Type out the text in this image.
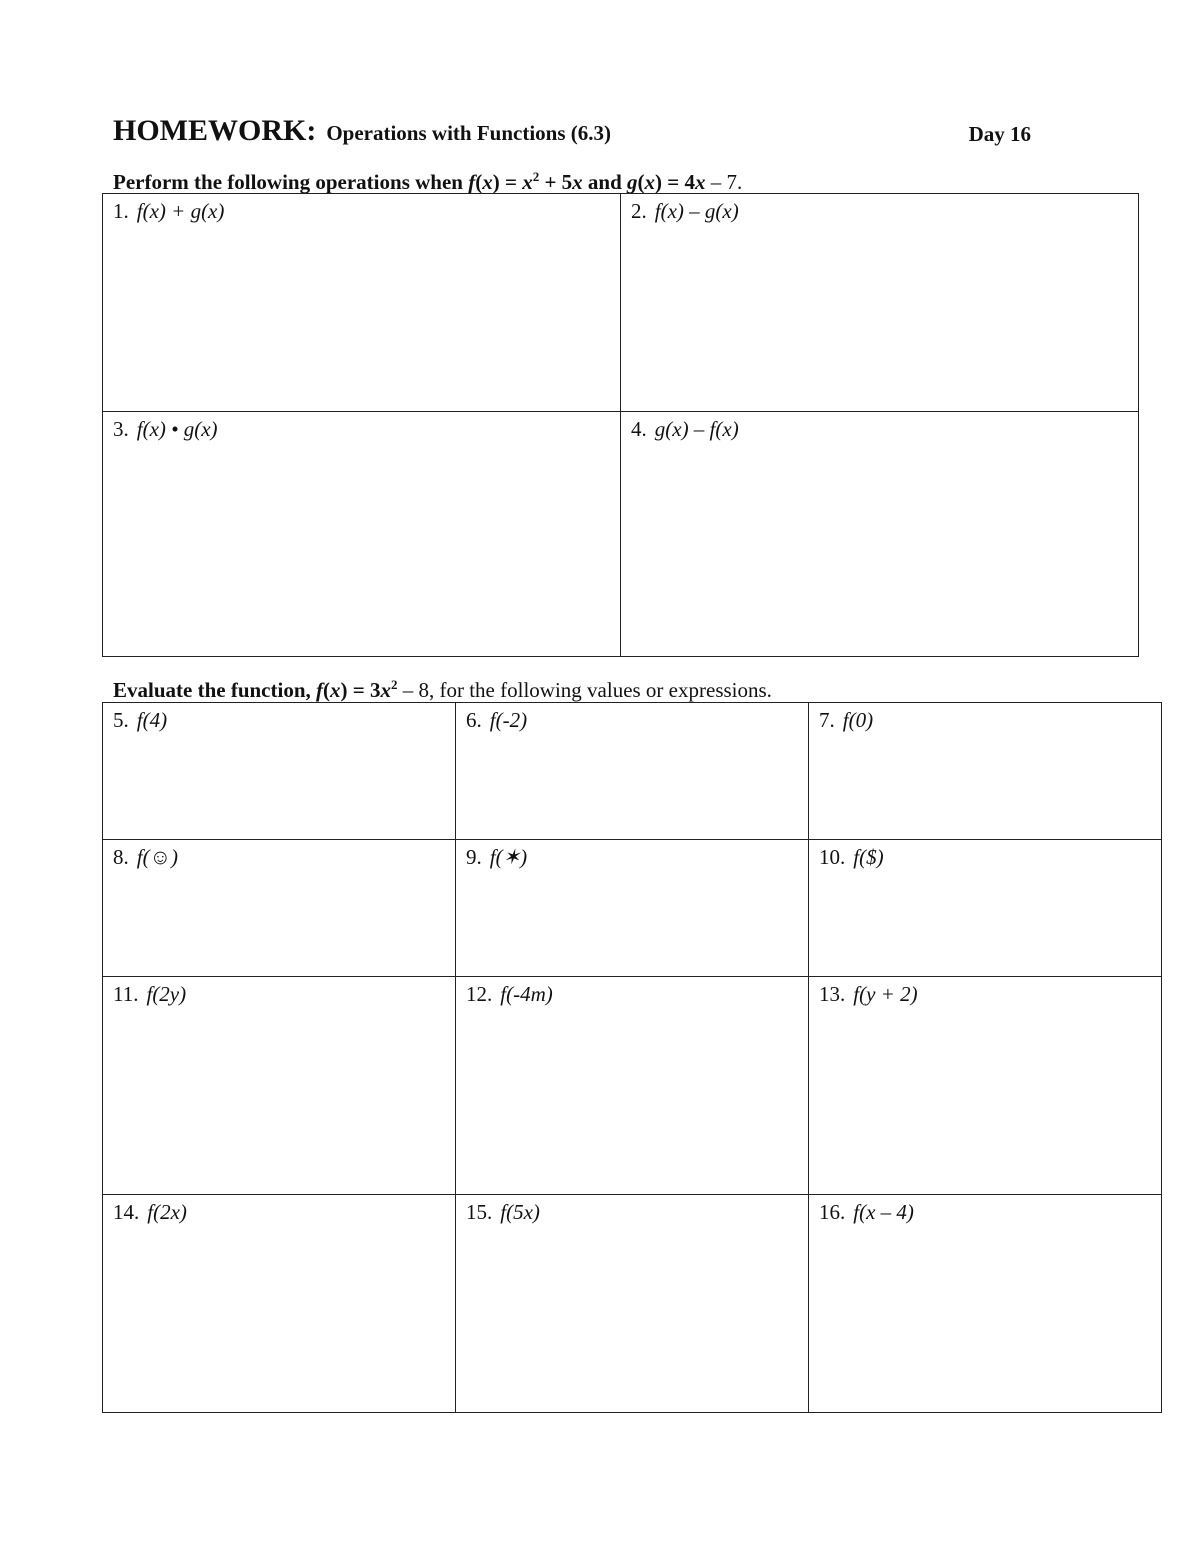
HOMEWORK: Operations with Functions (6.3)	Day 16
Perform the following operations when $f(x) = x^2 + 5x$ and g(x) = 4x – 7.
1. f(x) + g(x)	2. f(x) – g(x)
3. f(x) • g(x)	4. g(x) – f(x)
Evaluate the function, $f(x) = 3x^2 - 8$, for the following values or expressions.
5. f(4)	6. f(-2)	7. f(0)
8. f(☺)	9. f(✶)	10. f($)
11. f(2y)	12. f(-4m)	13. f(y + 2)
14. f(2x)	15. f(5x)	16. f(x – 4)
